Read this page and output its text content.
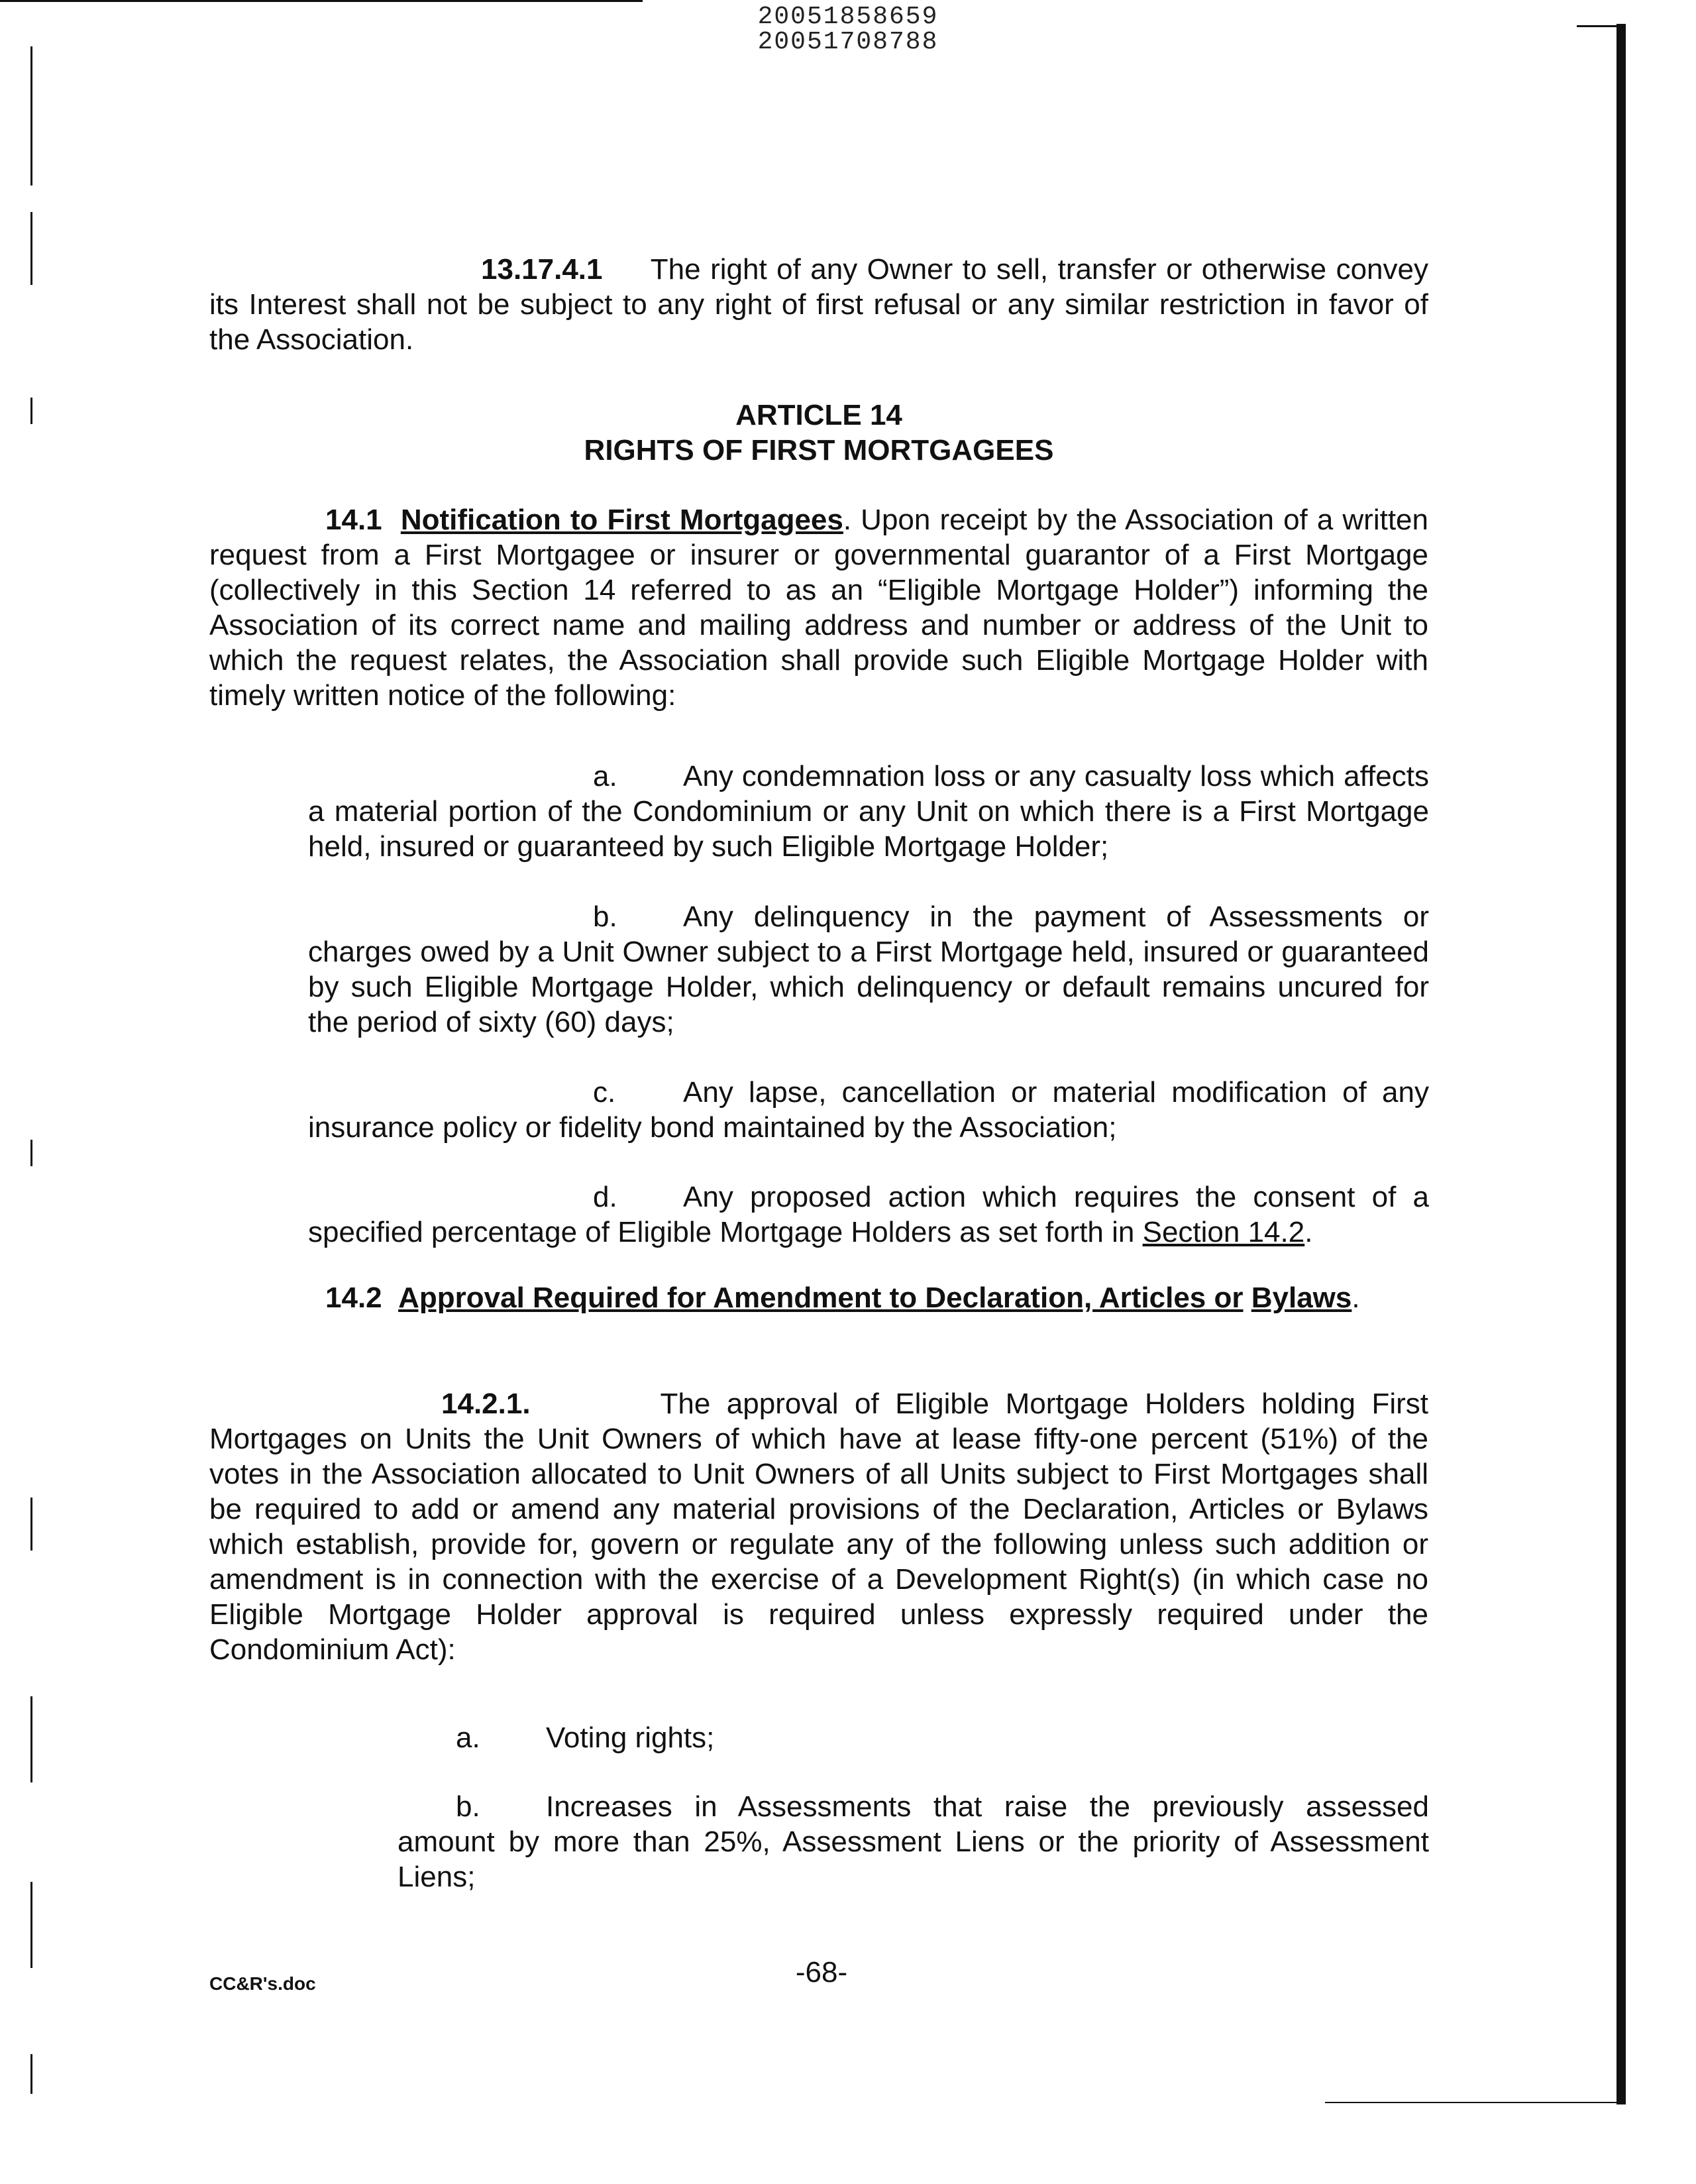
20051858659
20051708788

13.17.4.1 The right of any Owner to sell, transfer or otherwise convey its Interest shall not be subject to any right of first refusal or any similar restriction in favor of the Association.

ARTICLE 14
RIGHTS OF FIRST MORTGAGEES

14.1 Notification to First Mortgagees. Upon receipt by the Association of a written request from a First Mortgagee or insurer or governmental guarantor of a First Mortgage (collectively in this Section 14 referred to as an “Eligible Mortgage Holder”) informing the Association of its correct name and mailing address and number or address of the Unit to which the request relates, the Association shall provide such Eligible Mortgage Holder with timely written notice of the following:

a. Any condemnation loss or any casualty loss which affects a material portion of the Condominium or any Unit on which there is a First Mortgage held, insured or guaranteed by such Eligible Mortgage Holder;
b. Any delinquency in the payment of Assessments or charges owed by a Unit Owner subject to a First Mortgage held, insured or guaranteed by such Eligible Mortgage Holder, which delinquency or default remains uncured for the period of sixty (60) days;
c. Any lapse, cancellation or material modification of any insurance policy or fidelity bond maintained by the Association;
d. Any proposed action which requires the consent of a specified percentage of Eligible Mortgage Holders as set forth in Section 14.2.

14.2 Approval Required for Amendment to Declaration, Articles or Bylaws.

14.2.1.	The approval of Eligible Mortgage Holders holding First Mortgages on Units the Unit Owners of which have at lease fifty-one percent (51%) of the votes in the Association allocated to Unit Owners of all Units subject to First Mortgages shall be required to add or amend any material provisions of the Declaration, Articles or Bylaws which establish, provide for, govern or regulate any of the following unless such addition or amendment is in connection with the exercise of a Development Right(s) (in which case no Eligible Mortgage Holder approval is required unless expressly required under the Condominium Act):

a. Voting rights;
b. Increases in Assessments that raise the previously assessed amount by more than 25%, Assessment Liens or the priority of Assessment Liens;
CC&R's.doc	-68-
